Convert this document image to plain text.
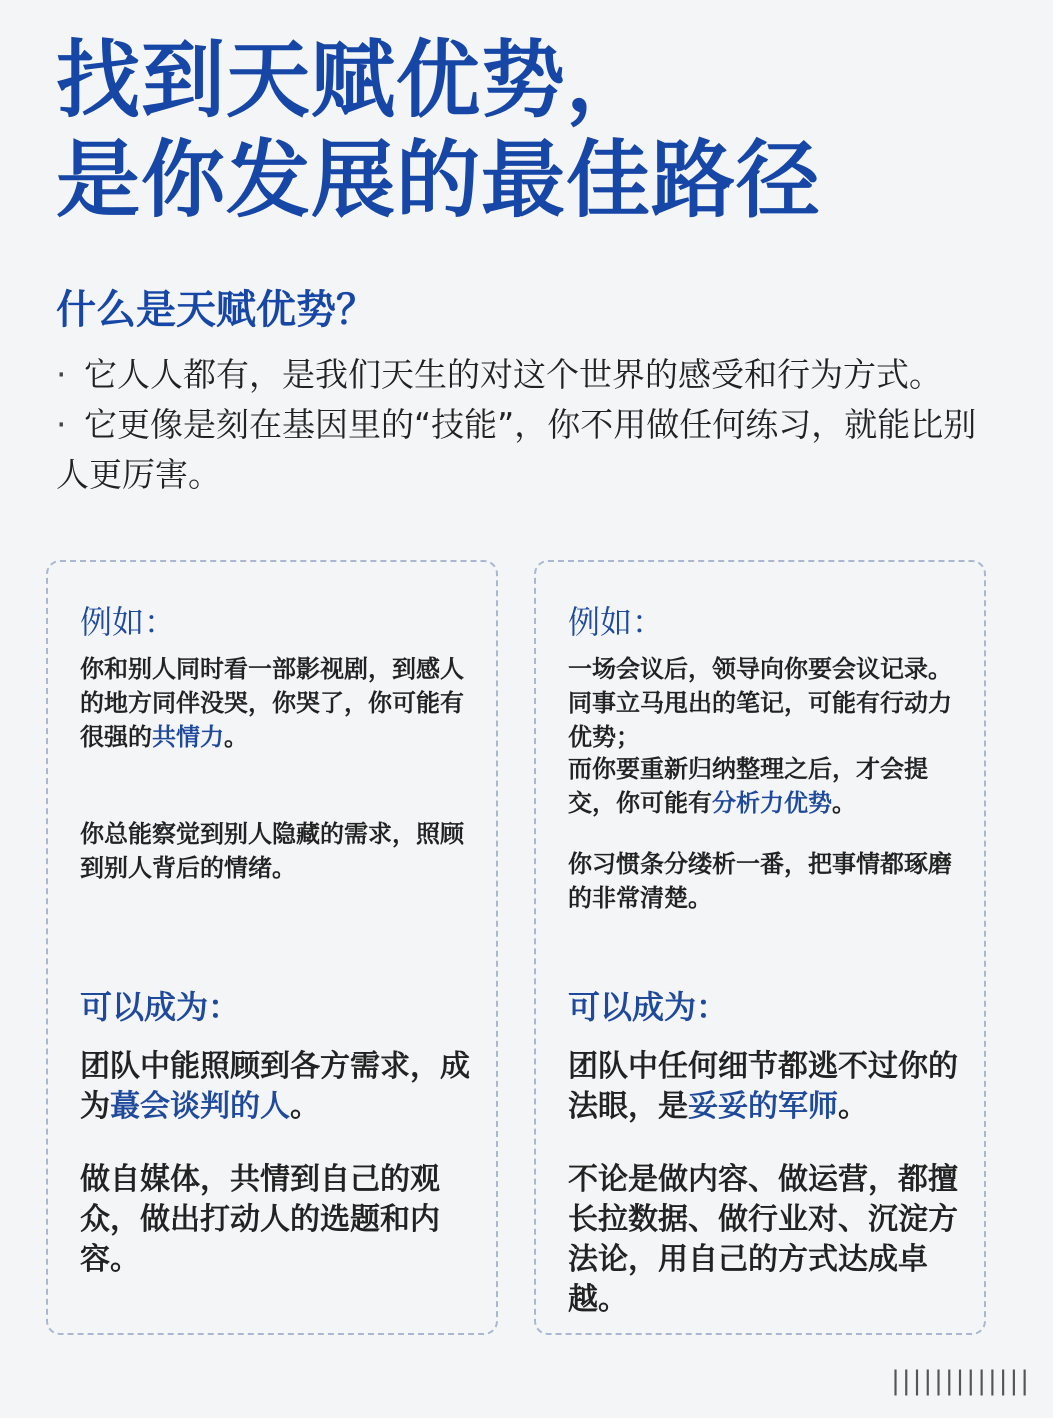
找到天赋优势，
是你发展的最佳路径
什么是天赋优势？

· 它人人都有，是我们天生的对这个世界的感受和行为方式。

· 它更像是刻在基因里的“技能”，你不用做任何练习，就能比别

人更厉害。

例如：
你和别人同时看一部影视剧，到感人的地方同伴没哭，你哭了，你可能有很强的共情力。
你总能察觉到别人隐藏的需求，照顾到别人背后的情绪。
可以成为：
团队中能照顾到各方需求，成为蕞会谈判的人。
做自媒体，共情到自己的观众，做出打动人的选题和内容。
例如：
一场会议后，领导向你要会议记录。同事立马甩出的笔记，可能有行动力优势；
而你要重新归纳整理之后，才会提交，你可能有分析力优势。
你习惯条分缕析一番，把事情都琢磨的非常清楚。
可以成为：
团队中任何细节都逃不过你的法眼，是妥妥的军师。
不论是做内容、做运营，都擅长拉数据、做行业对、沉淀方法论，用自己的方式达成卓越。
|||||||||||||
